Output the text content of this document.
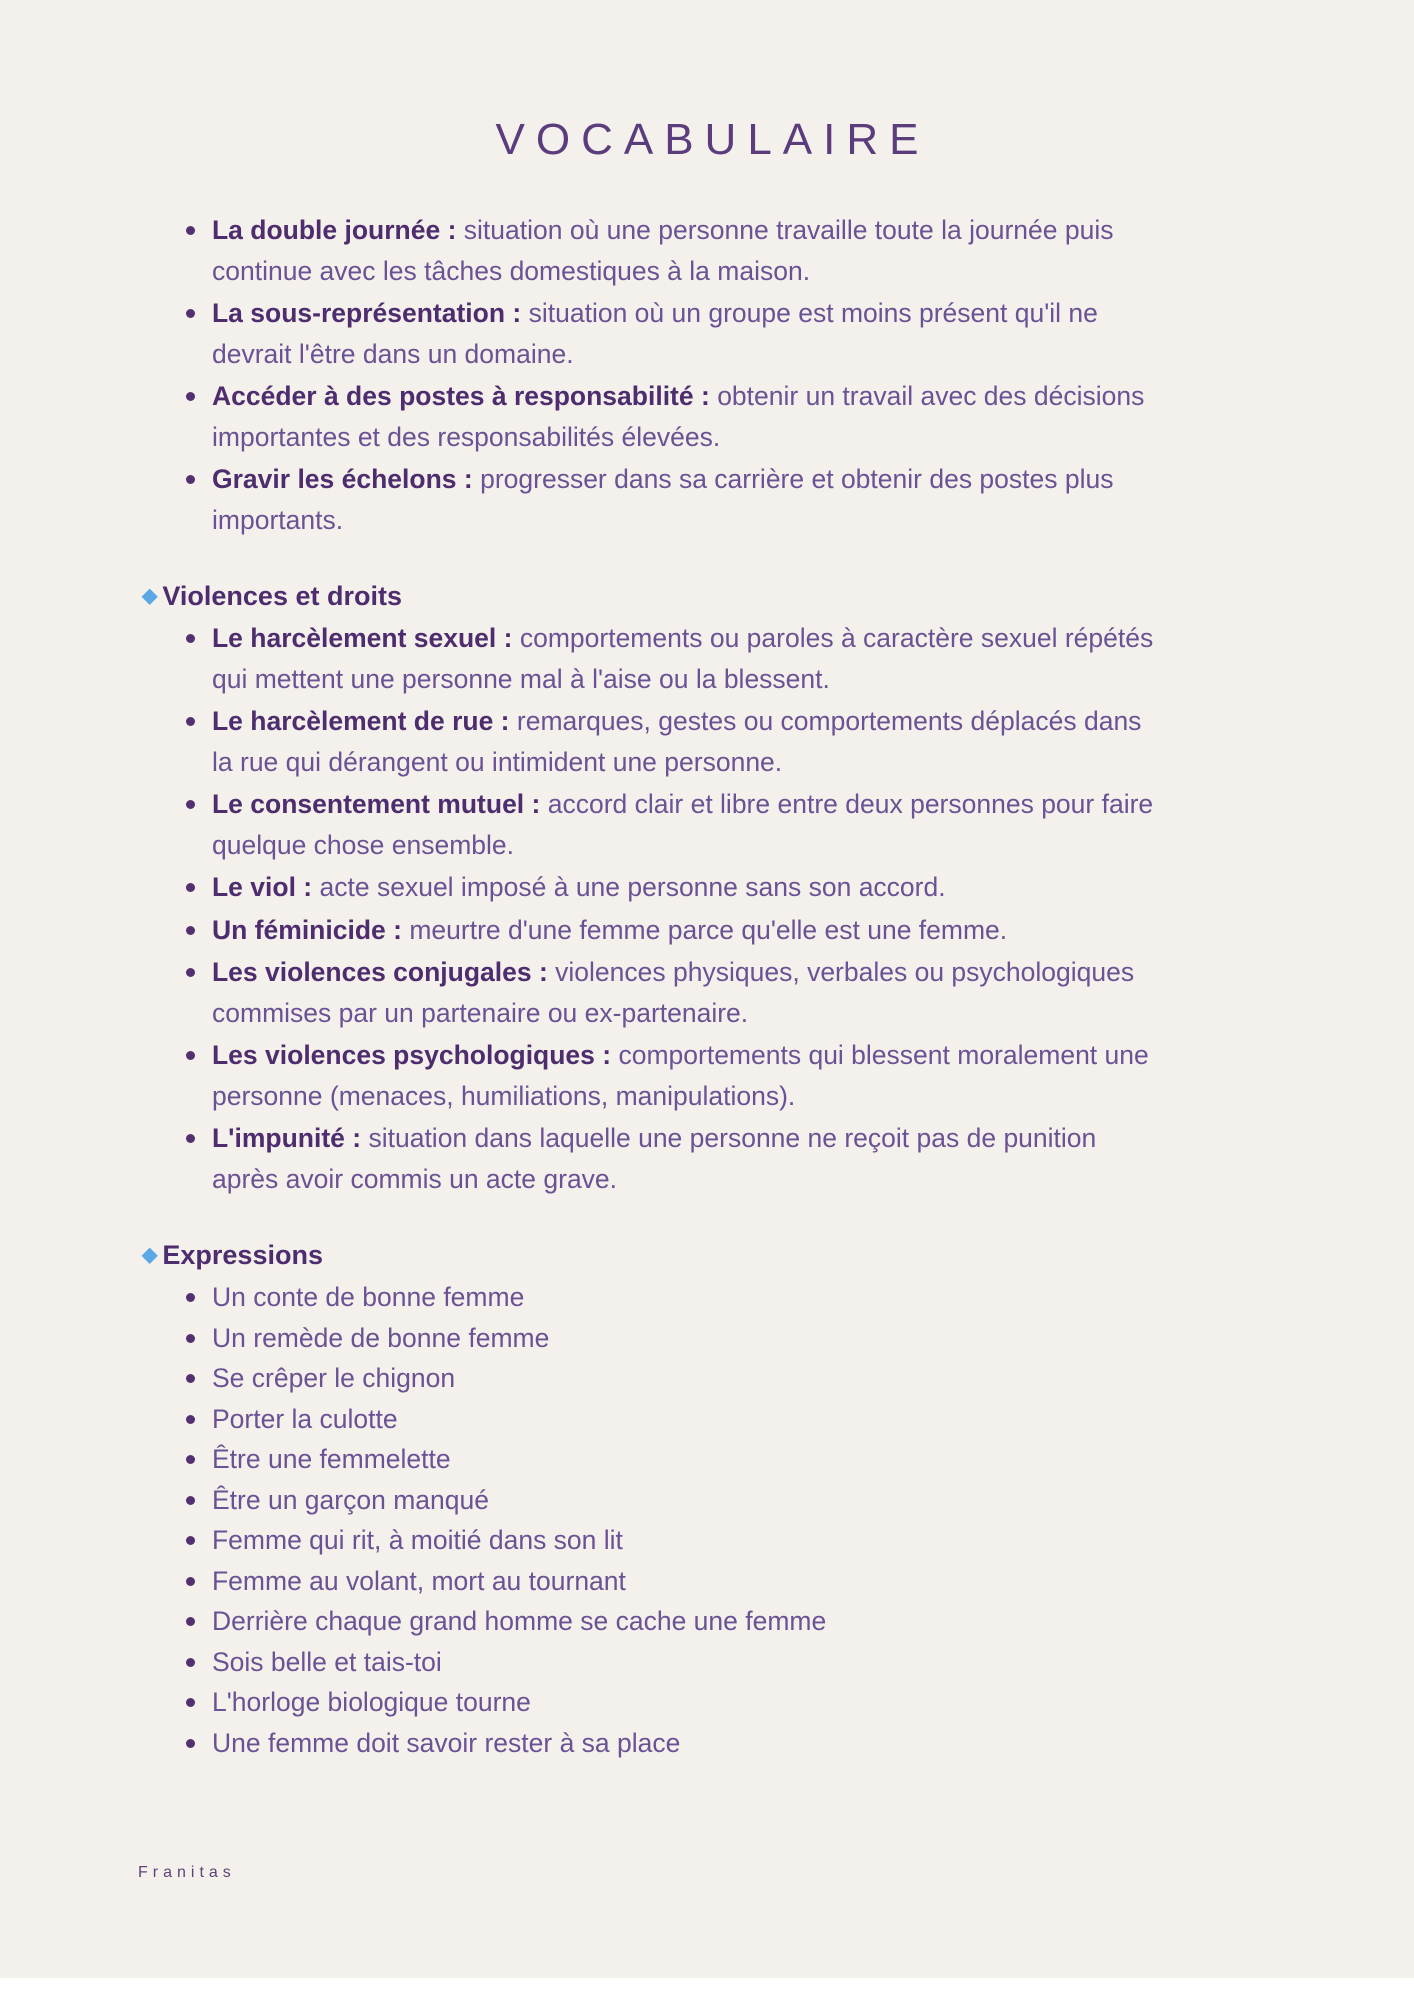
VOCABULAIRE
La double journée : situation où une personne travaille toute la journée puis
continue avec les tâches domestiques à la maison.
La sous-représentation : situation où un groupe est moins présent qu'il ne
devrait l'être dans un domaine.
Accéder à des postes à responsabilité : obtenir un travail avec des décisions
importantes et des responsabilités élevées.
Gravir les échelons : progresser dans sa carrière et obtenir des postes plus
importants.
◆ Violences et droits
Le harcèlement sexuel : comportements ou paroles à caractère sexuel répétés
qui mettent une personne mal à l'aise ou la blessent.
Le harcèlement de rue : remarques, gestes ou comportements déplacés dans
la rue qui dérangent ou intimident une personne.
Le consentement mutuel : accord clair et libre entre deux personnes pour faire
quelque chose ensemble.
Le viol : acte sexuel imposé à une personne sans son accord.
Un féminicide : meurtre d'une femme parce qu'elle est une femme.
Les violences conjugales : violences physiques, verbales ou psychologiques
commises par un partenaire ou ex-partenaire.
Les violences psychologiques : comportements qui blessent moralement une
personne (menaces, humiliations, manipulations).
L'impunité : situation dans laquelle une personne ne reçoit pas de punition
après avoir commis un acte grave.
◆ Expressions
Un conte de bonne femme
Un remède de bonne femme
Se crêper le chignon
Porter la culotte
Être une femmelette
Être un garçon manqué
Femme qui rit, à moitié dans son lit
Femme au volant, mort au tournant
Derrière chaque grand homme se cache une femme
Sois belle et tais-toi
L'horloge biologique tourne
Une femme doit savoir rester à sa place
Franitas
